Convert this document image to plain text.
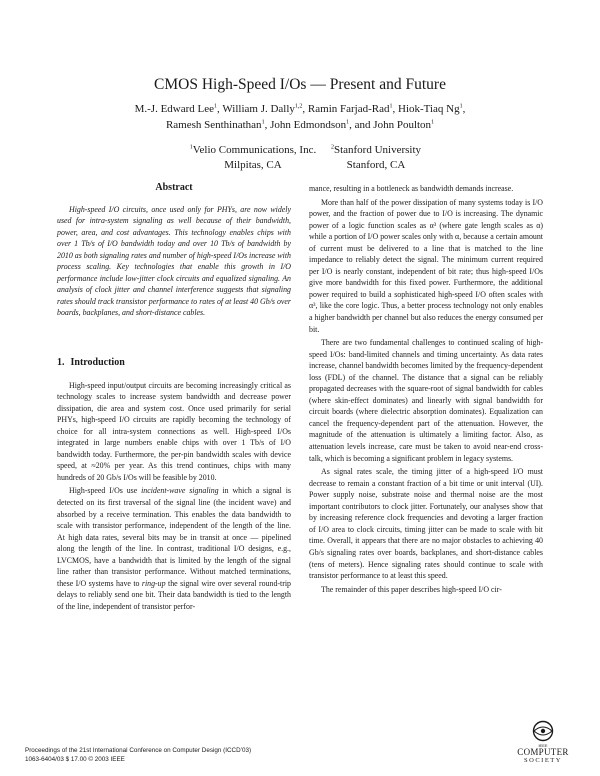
CMOS High-Speed I/Os — Present and Future
M.-J. Edward Lee$^1$, William J. Dally$^{1,2}$, Ramin Farjad-Rad$^1$, Hiok-Tiaq Ng$^1$,
Ramesh Senthinathan$^1$, John Edmondson$^1$, and John Poulton$^1$
$^1$Velio Communications, Inc.
Milpitas, CA
$^2$Stanford University
Stanford, CA
Abstract

High-speed I/O circuits, once used only for PHYs, are now widely used for intra-system signaling as well because of their bandwidth, power, area, and cost advantages. This technology enables chips with over 1 Tb/s of I/O bandwidth today and over 10 Tb/s of bandwidth by 2010 as both signaling rates and number of high-speed I/Os increase with process scaling. Key technologies that enable this growth in I/O performance include low-jitter clock circuits and equalized signaling. An analysis of clock jitter and channel interference suggests that signaling rates should track transistor performance to rates of at least 40 Gb/s over boards, backplanes, and short-distance cables.

1. Introduction

High-speed input/output circuits are becoming increasingly critical as technology scales to increase system bandwidth and decrease power dissipation, die area and system cost. Once used primarily for serial PHYs, high-speed I/O circuits are rapidly becoming the technology of choice for all intra-system connections as well. High-speed I/Os integrated in large numbers enable chips with over 1 Tb/s of I/O bandwidth today. Furthermore, the per-pin bandwidth scales with device speed, at ≈20% per year. As this trend continues, chips with many hundreds of 20 Gb/s I/Os will be feasible by 2010.

High-speed I/Os use incident-wave signaling in which a signal is detected on its first traversal of the signal line (the incident wave) and absorbed by a receive termination. This enables the data bandwidth to scale with transistor performance, independent of the length of the line. At high data rates, several bits may be in transit at once — pipelined along the length of the line. In contrast, traditional I/O designs, e.g., LVCMOS, have a bandwidth that is limited by the length of the signal line rather than transistor performance. Without matched terminations, these I/O systems have to ring-up the signal wire over several round-trip delays to reliably send one bit. Their data bandwidth is tied to the length of the line, independent of transistor perfor-

mance, resulting in a bottleneck as bandwidth demands increase.

More than half of the power dissipation of many systems today is I/O power, and the fraction of power due to I/O is increasing. The dynamic power of a logic function scales as α³ (where gate length scales as α) while a portion of I/O power scales only with α, because a certain amount of current must be delivered to a line that is matched to the line impedance to reliably detect the signal. The minimum current required per I/O is nearly constant, independent of bit rate; thus high-speed I/Os give more bandwidth for this fixed power. Furthermore, the additional power required to build a sophisticated high-speed I/O often scales with α³, like the core logic. Thus, a better process technology not only enables a higher bandwidth per channel but also reduces the energy consumed per bit.

There are two fundamental challenges to continued scaling of high-speed I/Os: band-limited channels and timing uncertainty. As data rates increase, channel bandwidth becomes limited by the frequency-dependent loss (FDL) of the channel. The distance that a signal can be reliably propagated decreases with the square-root of signal bandwidth for cables (where skin-effect dominates) and linearly with signal bandwidth for circuit boards (where dielectric absorption dominates). Equalization can cancel the frequency-dependent part of the attenuation. However, the magnitude of the attenuation is ultimately a limiting factor. Also, as attenuation levels increase, care must be taken to avoid near-end cross-talk, which is becoming a significant problem in legacy systems.

As signal rates scale, the timing jitter of a high-speed I/O must decrease to remain a constant fraction of a bit time or unit interval (UI). Power supply noise, substrate noise and thermal noise are the most important contributors to clock jitter. Fortunately, our analyses show that by increasing reference clock frequencies and devoting a larger fraction of I/O area to clock circuits, timing jitter can be made to scale with bit time. Overall, it appears that there are no major obstacles to achieving 40 Gb/s signaling rates over boards, backplanes, and short-distance cables (tens of meters). Hence signaling rates should continue to scale with transistor performance to at least this speed.

The remainder of this paper describes high-speed I/O cir-

Proceedings of the 21st International Conference on Computer Design (ICCD’03)
1063-6404/03 $ 17.00 © 2003 IEEE
IEEE
COMPUTER
SOCIETY
